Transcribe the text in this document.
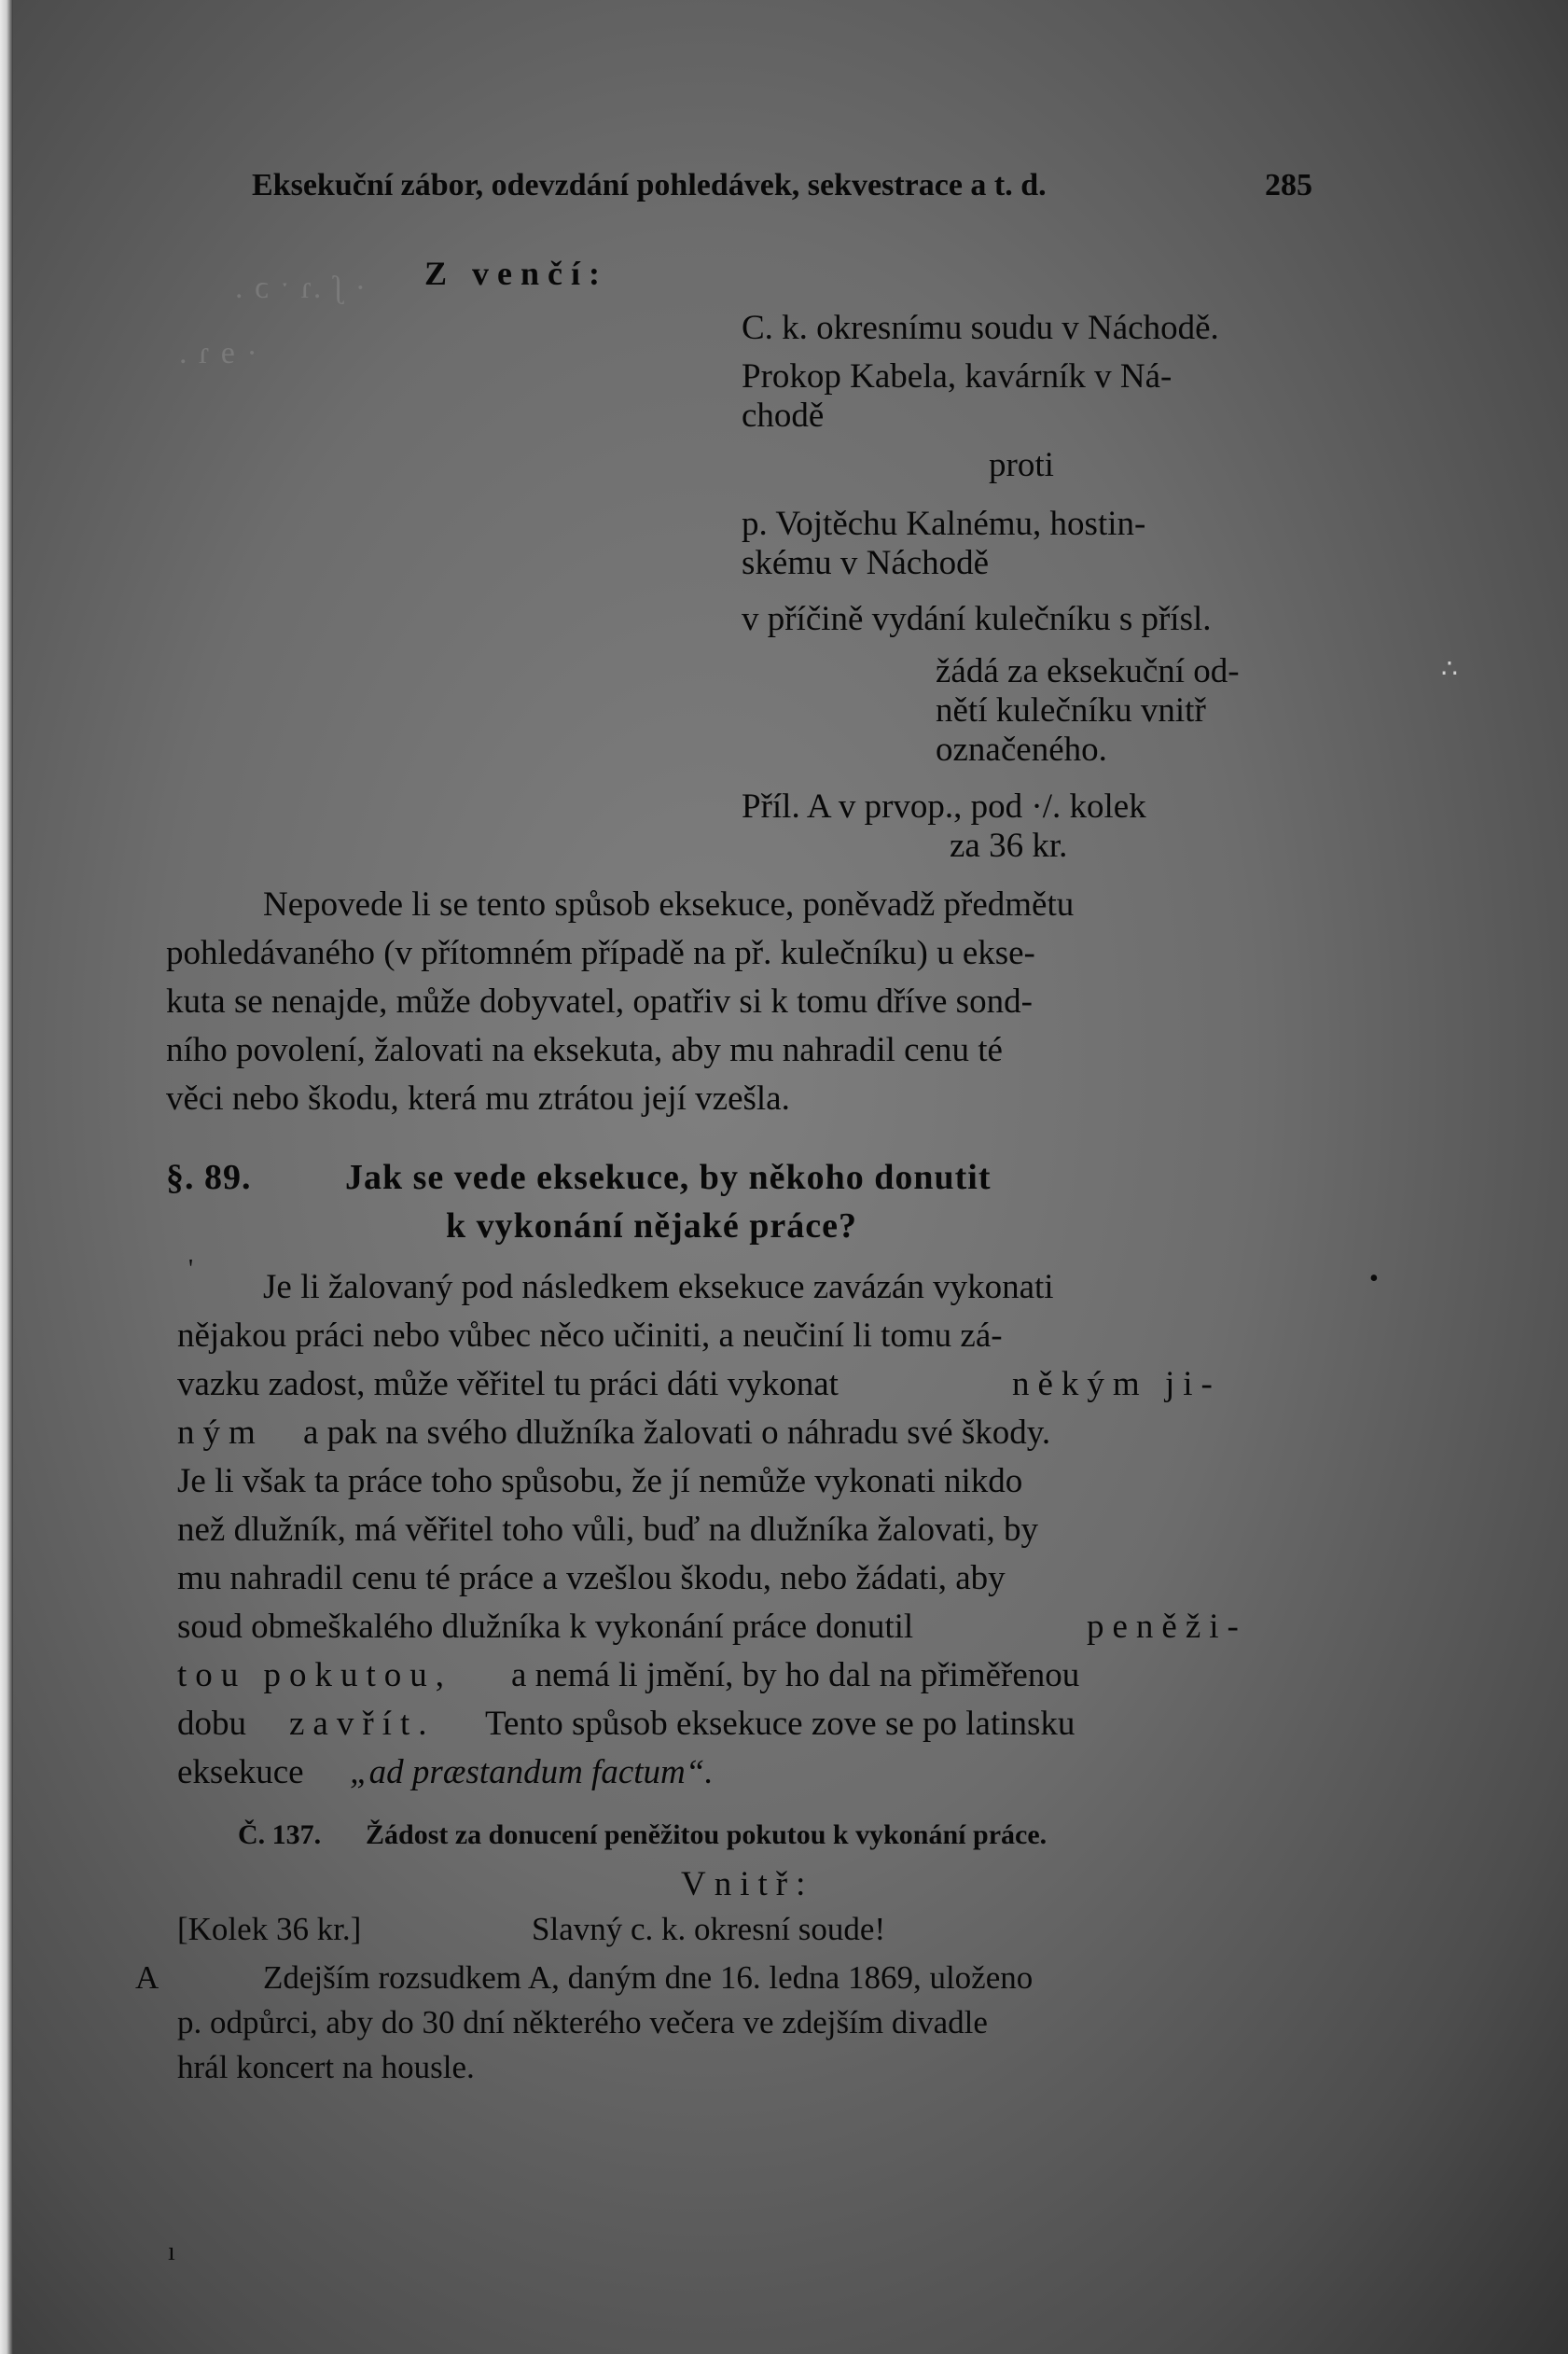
· ʃ .ɿ ˑ ɔ .
· ɘ ɿ .
Eksekuční zábor, odevzdání pohledávek, sekvestrace a t. d.	285
Z venčí:
C. k. okresnímu soudu v Náchodě.
Prokop Kabela, kavárník v Ná-
chodě
proti
p. Vojtěchu Kalnému, hostin-
skému v Náchodě
v příčině vydání kulečníku s přísl.
žádá za eksekuční od-
nětí kulečníku vnitř
označeného.
Příl. A v prvop., pod ·/. kolek
za 36 kr.
Nepovede li se tento spůsob eksekuce, poněvadž předmětu
pohledávaného (v přítomném případě na př. kulečníku) u ekse-
kuta se nenajde, může dobyvatel, opatřiv si k tomu dříve sond-
ního povolení, žalovati na eksekuta, aby mu nahradil cenu té
věci nebo škodu, která mu ztrátou její vzešla.
§. 89.	Jak se vede eksekuce, by někoho donutit
k vykonání nějaké práce?
Je li žalovaný pod následkem eksekuce zavázán vykonati
nějakou práci nebo vůbec něco učiniti, a neučiní li tomu zá-
vazku zadost, může věřitel tu práci dáti vykonat	někým ji-
ným a pak na svého dlužníka žalovati o náhradu své škody.
Je li však ta práce toho spůsobu, že jí nemůže vykonati nikdo
než dlužník, má věřitel toho vůli, buď na dlužníka žalovati, by
mu nahradil cenu té práce a vzešlou škodu, nebo žádati, aby
soud obmeškalého dlužníka k vykonání práce donutil	peněži-
tou pokutou, a nemá li jmění, by ho dal na přiměřenou
dobu zavřít. Tento spůsob eksekuce zove se po latinsku
eksekuce „ad præstandum factum“.
Č. 137. Žádost za donucení peněžitou pokutou k vykonání práce.
Vnitř:
[Kolek 36 kr.]	Slavný c. k. okresní soude!
A	Zdejším rozsudkem A, daným dne 16. ledna 1869, uloženo
p. odpůrci, aby do 30 dní některého večera ve zdejším divadle
hrál koncert na housle.
'	•
ı
∴
